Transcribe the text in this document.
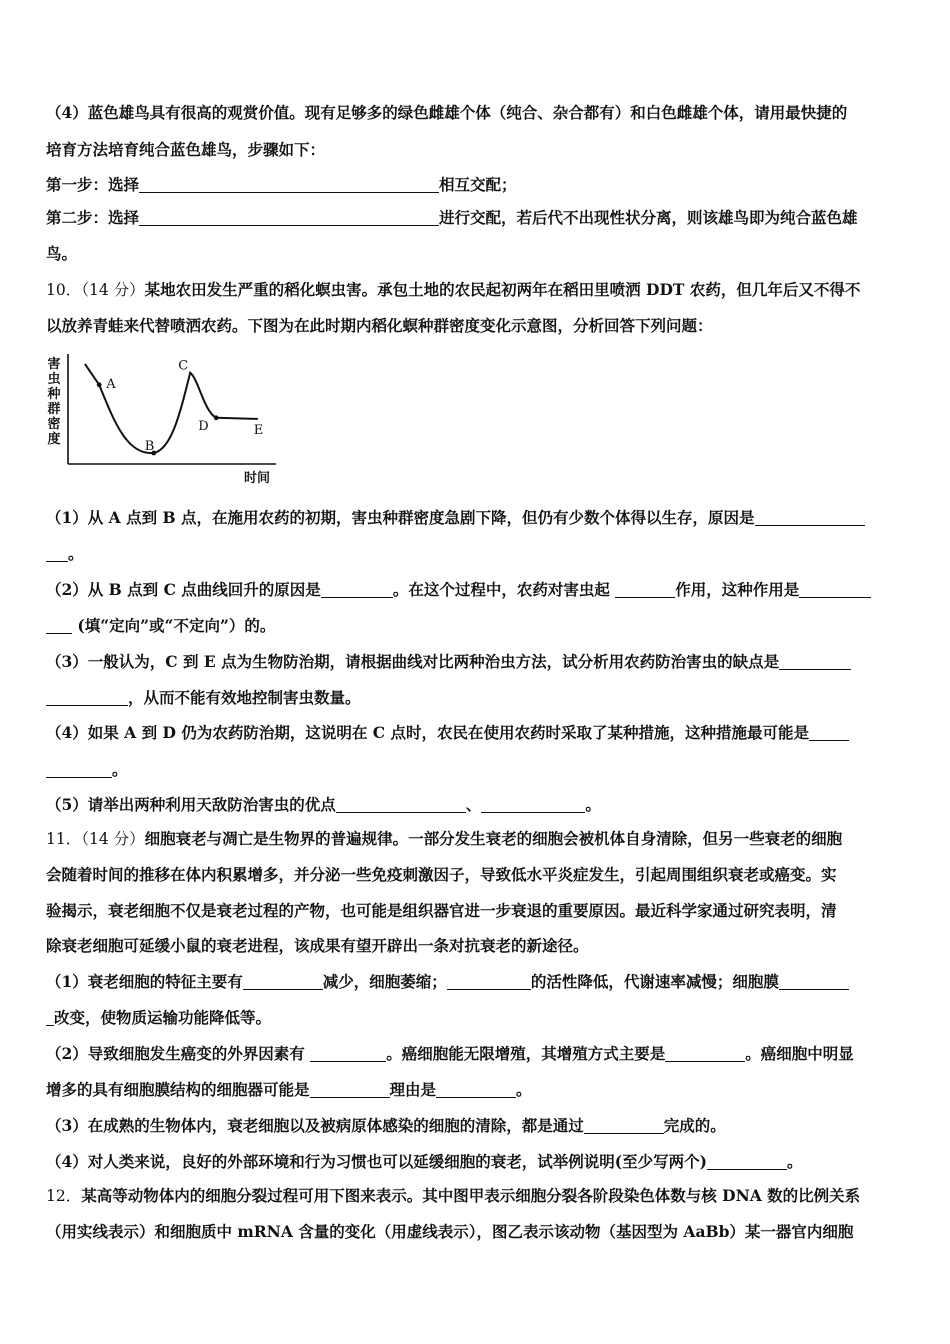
（4）蓝色雄鸟具有很高的观赏价值。现有足够多的绿色雌雄个体（纯合、杂合都有）和白色雌雄个体，请用最快捷的
培育方法培育纯合蓝色雄鸟，步骤如下：
第一步：选择	相互交配；
第二步：选择	进行交配，若后代不出现性状分离，则该雄鸟即为纯合蓝色雄
鸟。
10．（14 分）某地农田发生严重的稻化螟虫害。承包土地的农民起初两年在稻田里喷洒 DDT 农药，但几年后又不得不
以放养青蛙来代替喷洒农药。下图为在此时期内稻化螟种群密度变化示意图，分析回答下列问题：
害
虫
种
群
密
度
A
B
C
D	E
时间
（1）从 A 点到 B 点，在施用农药的初期，害虫种群密度急剧下降，但仍有少数个体得以生存，原因是
。
（2）从 B 点到 C 点曲线回升的原因是	。在这个过程中，农药对害虫起	作用，这种作用是
(填“定向”或“不定向”）的。
（3）一般认为，C 到 E 点为生物防治期，请根据曲线对比两种治虫方法，试分析用农药防治害虫的缺点是
，从而不能有效地控制害虫数量。
（4）如果 A 到 D 仍为农药防治期，这说明在 C 点时，农民在使用农药时采取了某种措施，这种措施最可能是
。
（5）请举出两种利用天敌防治害虫的优点	、	。
11．（14 分）细胞衰老与凋亡是生物界的普遍规律。一部分发生衰老的细胞会被机体自身清除，但另一些衰老的细胞
会随着时间的推移在体内积累增多，并分泌一些免疫刺激因子，导致低水平炎症发生，引起周围组织衰老或癌变。实
验揭示，衰老细胞不仅是衰老过程的产物，也可能是组织器官进一步衰退的重要原因。最近科学家通过研究表明，清
除衰老细胞可延缓小鼠的衰老进程，该成果有望开辟出一条对抗衰老的新途径。
（1）衰老细胞的特征主要有	减少，细胞萎缩；	的活性降低，代谢速率减慢；细胞膜
改变，使物质运输功能降低等。
（2）导致细胞发生癌变的外界因素有	。癌细胞能无限增殖，其增殖方式主要是	。癌细胞中明显
增多的具有细胞膜结构的细胞器可能是	理由是	。
（3）在成熟的生物体内，衰老细胞以及被病原体感染的细胞的清除，都是通过	完成的。
（4）对人类来说，良好的外部环境和行为习惯也可以延缓细胞的衰老，试举例说明(至少写两个)	。
12．某高等动物体内的细胞分裂过程可用下图来表示。其中图甲表示细胞分裂各阶段染色体数与核 DNA 数的比例关系
（用实线表示）和细胞质中 mRNA 含量的变化（用虚线表示），图乙表示该动物（基因型为 AaBb）某一器官内细胞
